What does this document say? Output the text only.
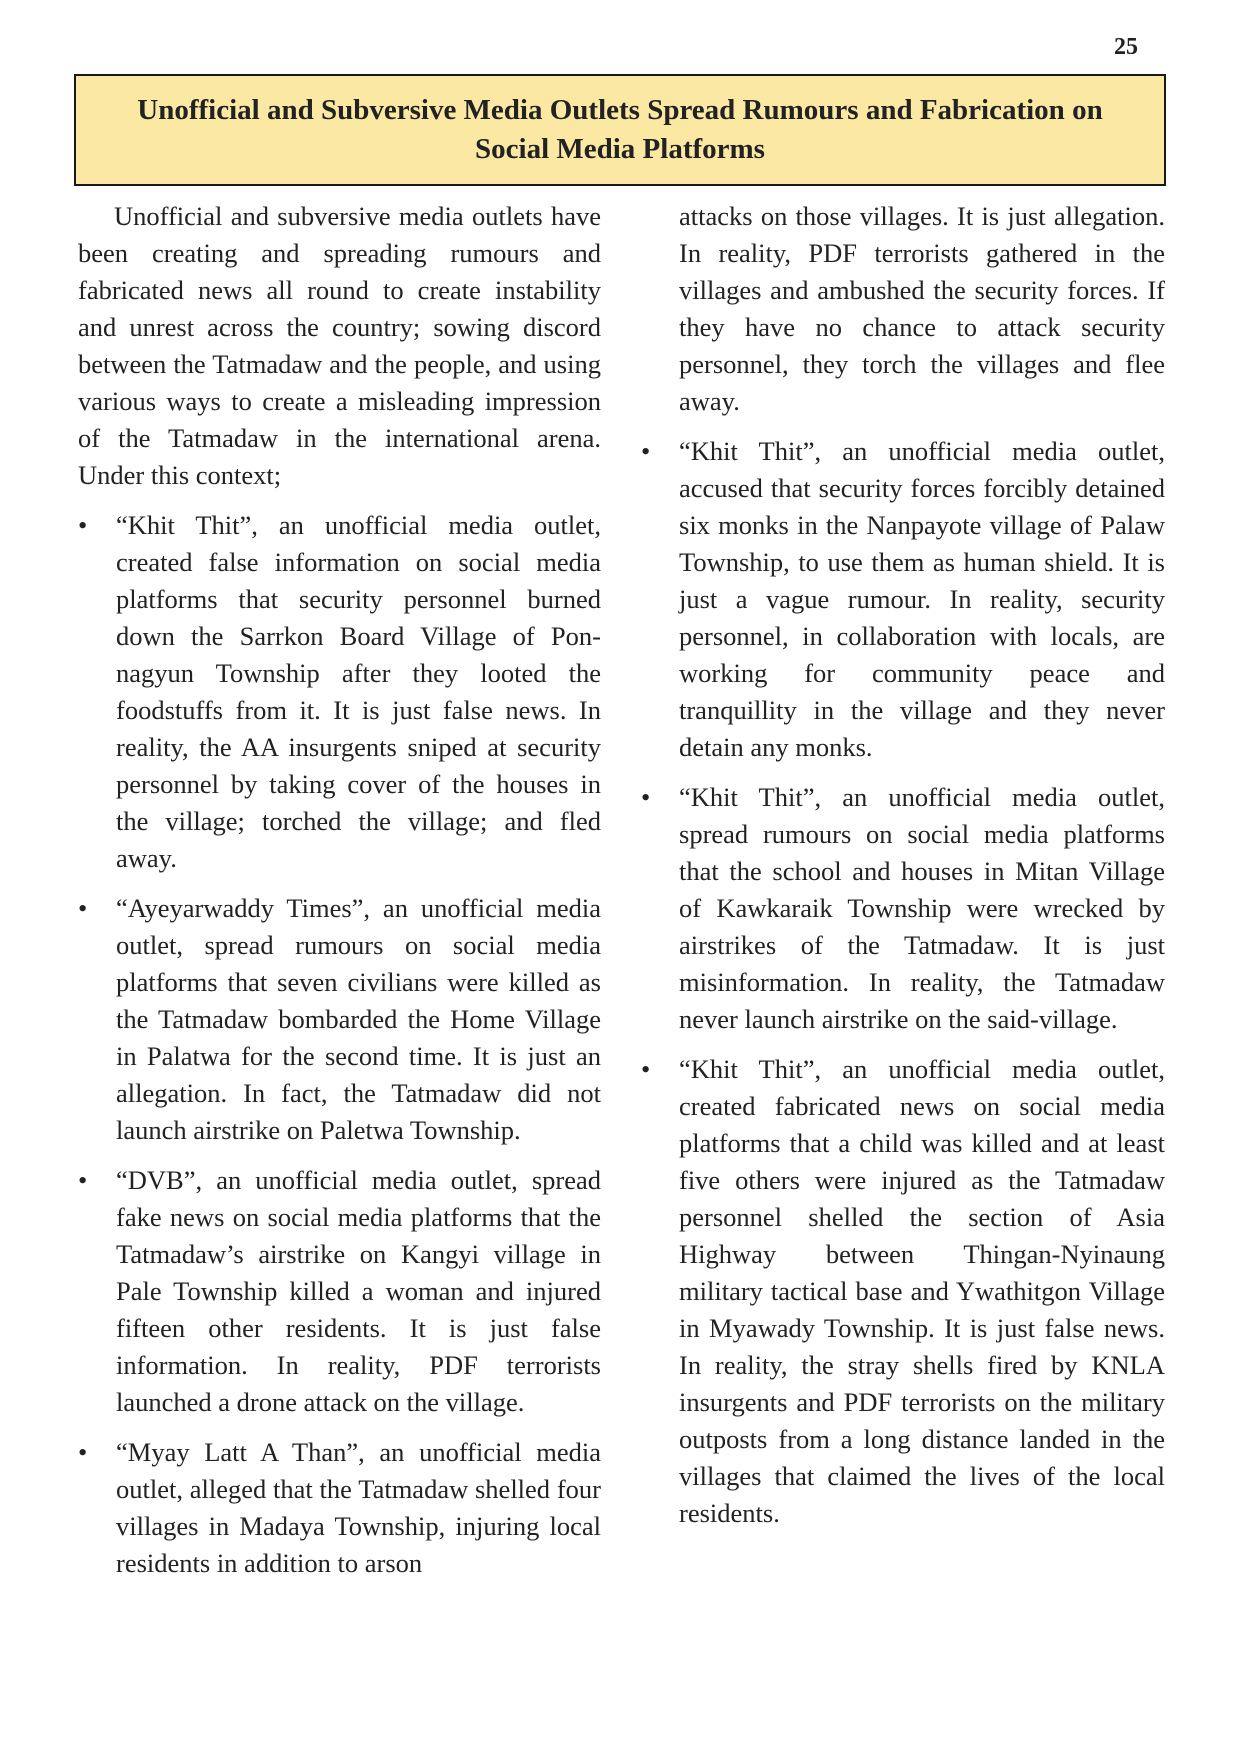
25
Unofficial and Subversive Media Outlets Spread Rumours and Fabrication on Social Media Platforms

Unofficial and subversive media outlets have been creating and spreading rumours and fabricated news all round to create instability and unrest across the country; sowing discord between the Tatmadaw and the people, and using various ways to create a misleading impression of the Tatmadaw in the international arena. Under this context;

• “Khit Thit”, an unofficial media outlet, created false information on social media platforms that security personnel burned down the Sarrkon Board Village of Ponnagyun Township after they looted the foodstuffs from it. It is just false news. In reality, the AA insurgents sniped at security personnel by taking cover of the houses in the village; torched the village; and fled away.
• “Ayeyarwaddy Times”, an unofficial media outlet, spread rumours on social media platforms that seven civilians were killed as the Tatmadaw bombarded the Home Village in Palatwa for the second time. It is just an allegation. In fact, the Tatmadaw did not launch airstrike on Paletwa Township.
• “DVB”, an unofficial media outlet, spread fake news on social media platforms that the Tatmadaw’s airstrike on Kangyi village in Pale Township killed a woman and injured fifteen other residents. It is just false information. In reality, PDF terrorists launched a drone attack on the village.
• “Myay Latt A Than”, an unofficial media outlet, alleged that the Tatmadaw shelled four villages in Madaya Township, injuring local residents in addition to arson
attacks on those villages. It is just allegation. In reality, PDF terrorists gathered in the villages and ambushed the security forces. If they have no chance to attack security personnel, they torch the villages and flee away.
• “Khit Thit”, an unofficial media outlet, accused that security forces forcibly detained six monks in the Nanpayote village of Palaw Township, to use them as human shield. It is just a vague rumour. In reality, security personnel, in collaboration with locals, are working for community peace and tranquillity in the village and they never detain any monks.
• “Khit Thit”, an unofficial media outlet, spread rumours on social media platforms that the school and houses in Mitan Village of Kawkaraik Township were wrecked by airstrikes of the Tatmadaw. It is just misinformation. In reality, the Tatmadaw never launch airstrike on the said-village.
• “Khit Thit”, an unofficial media outlet, created fabricated news on social media platforms that a child was killed and at least five others were injured as the Tatmadaw personnel shelled the section of Asia Highway between Thingan-Nyinaung military tactical base and Ywathitgon Village in Myawady Township. It is just false news. In reality, the stray shells fired by KNLA insurgents and PDF terrorists on the military outposts from a long distance landed in the villages that claimed the lives of the local residents.
